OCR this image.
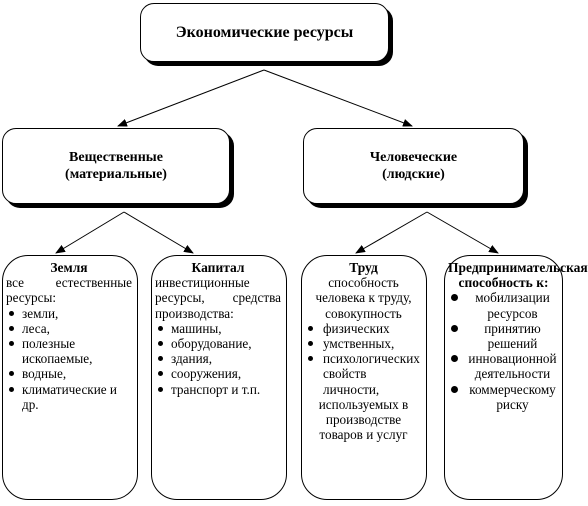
Экономические ресурсы
Вещественные
(материальные)
Человеческие
(людские)
Земля
все естественные ресурсы:
земли,
леса,
полезные ископаемые,
водные,
климатические и др.
Капитал
инвестиционные ресурсы, средства производства:
машины,
оборудование,
здания,
сооружения,
транспорт и т.п.
Труд
способность человека к труду, совокупность
физических
умственных,
психологических свойств личности,
используемых в производстве товаров и услуг
Предпринимательская способность к:
мобилизации ресурсов
принятию решений
инновационной деятельности
коммерческому риску
